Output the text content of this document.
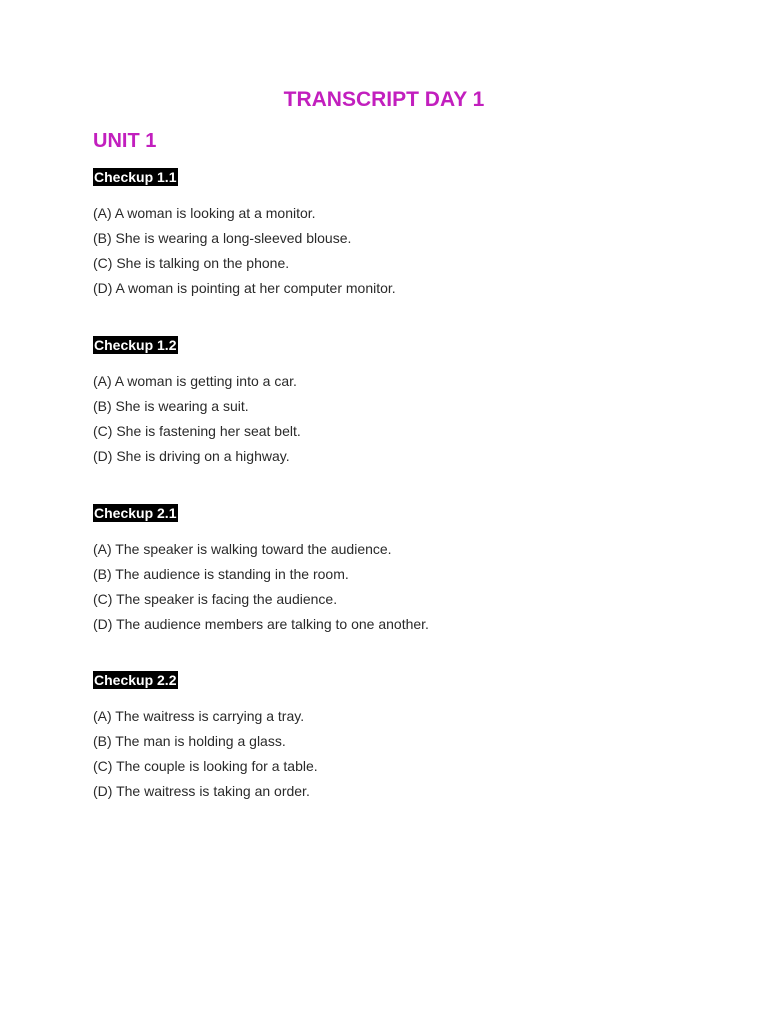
TRANSCRIPT DAY 1
UNIT 1
Checkup 1.1
(A) A woman is looking at a monitor.
(B) She is wearing a long-sleeved blouse.
(C) She is talking on the phone.
(D) A woman is pointing at her computer monitor.
Checkup 1.2
(A) A woman is getting into a car.
(B) She is wearing a suit.
(C) She is fastening her seat belt.
(D) She is driving on a highway.
Checkup 2.1
(A) The speaker is walking toward the audience.
(B) The audience is standing in the room.
(C) The speaker is facing the audience.
(D) The audience members are talking to one another.
Checkup 2.2
(A) The waitress is carrying a tray.
(B) The man is holding a glass.
(C) The couple is looking for a table.
(D) The waitress is taking an order.
